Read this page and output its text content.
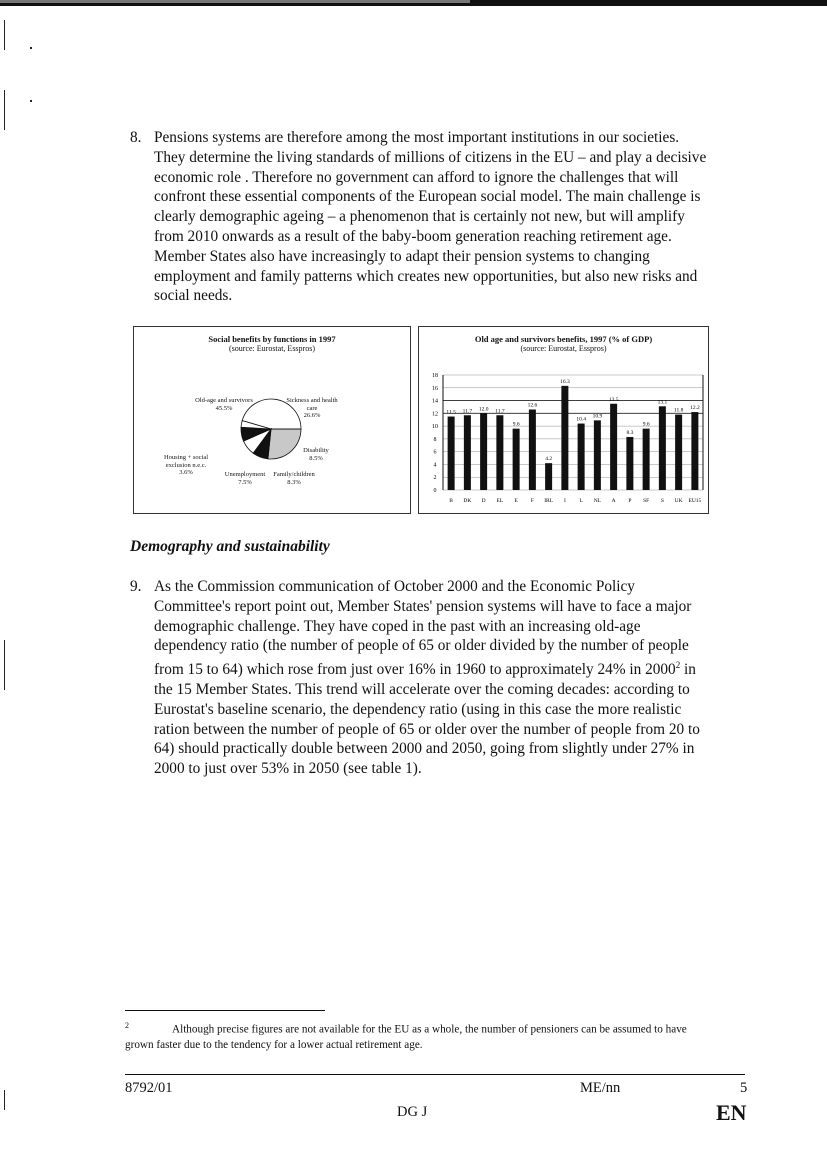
8. Pensions systems are therefore among the most important institutions in our societies. They determine the living standards of millions of citizens in the EU – and play a decisive economic role . Therefore no government can afford to ignore the challenges that will confront these essential components of the European social model. The main challenge is clearly demographic ageing – a phenomenon that is certainly not new, but will amplify from 2010 onwards as a result of the baby-boom generation reaching retirement age. Member States also have increasingly to adapt their pension systems to changing employment and family patterns which creates new opportunities, but also new risks and social needs.
Social benefits by functions in 1997
(source: Eurostat, Esspros)
Old-age and survivors
45.5%
Sickness and health care
26.6%
Disability
8.5%
Family/children
8.3%
Unemployment
7.5%
Housing + social exclusion n.e.c.
3.6%
Old age and survivors benefits, 1997 (% of GDP)
(source: Eurostat, Esspros)
0
2
4
6
8
10
12
14
16
18
11.5
B
11.7
DK
12.0
D
11.7
EL
9.6
E
12.6
F
4.2
IRL
16.3
I
10.4
L
10.9
NL
13.5
A
8.3
P
9.6
SF
13.1
S
11.8
UK
12.2
EU15
Demography and sustainability
9. As the Commission communication of October 2000 and the Economic Policy Committee's report point out, Member States' pension systems will have to face a major demographic challenge. They have coped in the past with an increasing old-age dependency ratio (the number of people of 65 or older divided by the number of people from 15 to 64) which rose from just over 16% in 1960 to approximately 24% in 2000$^2$ in the 15 Member States. This trend will accelerate over the coming decades: according to Eurostat's baseline scenario, the dependency ratio (using in this case the more realistic ration between the number of people of 65 or older over the number of people from 20 to 64) should practically double between 2000 and 2050, going from slightly under 27% in 2000 to just over 53% in 2050 (see table 1).
$^2$	Although precise figures are not available for the EU as a whole, the number of pensioners can be assumed to have grown faster due to the tendency for a lower actual retirement age.
8792/01	ME/nn	5
DG J	EN
